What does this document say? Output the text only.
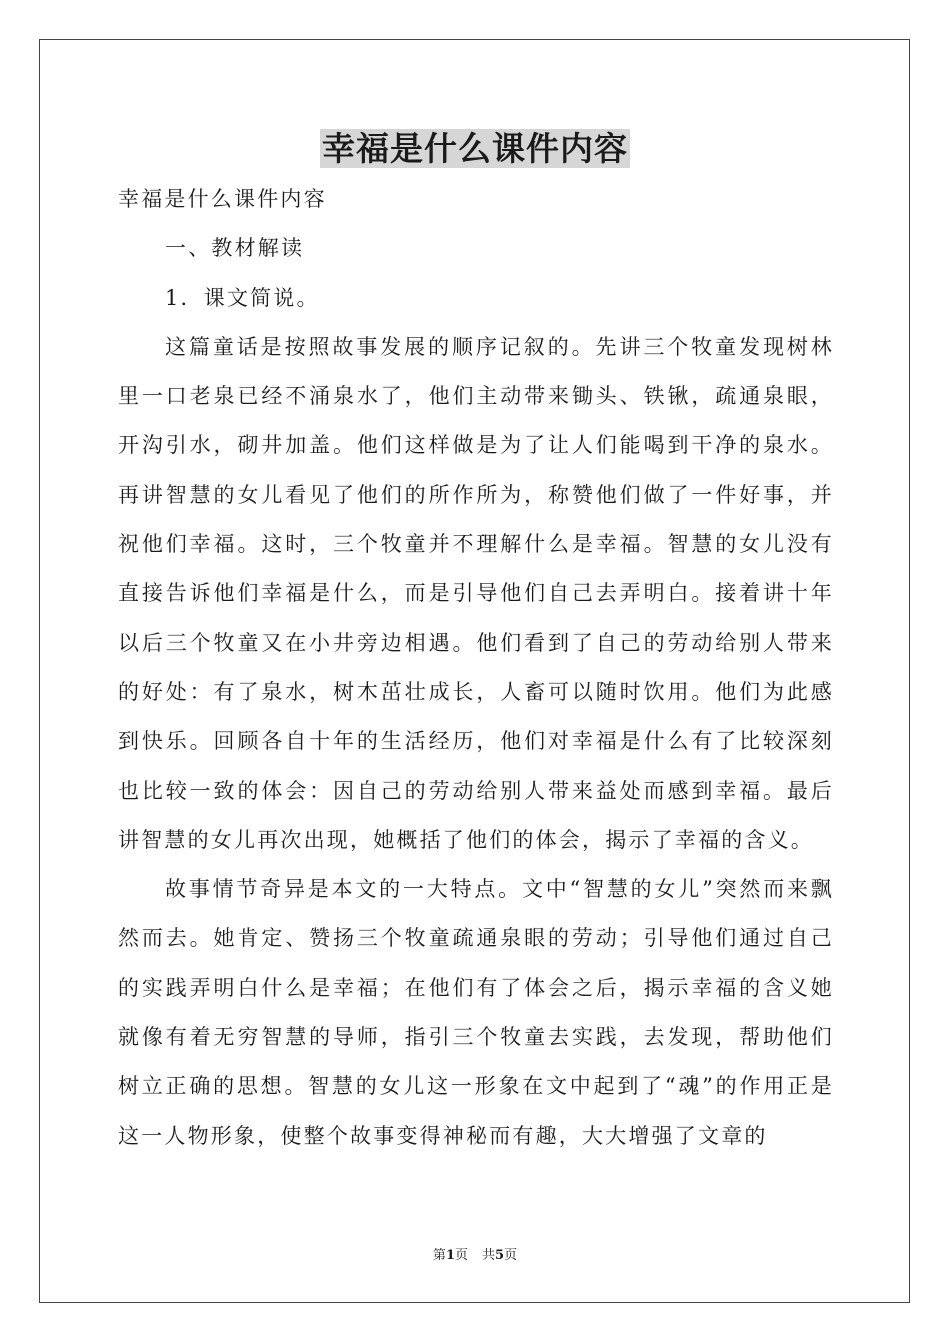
幸福是什么课件内容

幸福是什么课件内容

一、教材解读

1．课文简说。

这篇童话是按照故事发展的顺序记叙的。先讲三个牧童发现树林里一口老泉已经不涌泉水了，他们主动带来锄头、铁锹，疏通泉眼，开沟引水，砌井加盖。他们这样做是为了让人们能喝到干净的泉水。再讲智慧的女儿看见了他们的所作所为，称赞他们做了一件好事，并祝他们幸福。这时，三个牧童并不理解什么是幸福。智慧的女儿没有直接告诉他们幸福是什么，而是引导他们自己去弄明白。接着讲十年以后三个牧童又在小井旁边相遇。他们看到了自己的劳动给别人带来的好处：有了泉水，树木茁壮成长，人畜可以随时饮用。他们为此感到快乐。回顾各自十年的生活经历，他们对幸福是什么有了比较深刻也比较一致的体会：因自己的劳动给别人带来益处而感到幸福。最后讲智慧的女儿再次出现，她概括了他们的体会，揭示了幸福的含义。

故事情节奇异是本文的一大特点。文中“智慧的女儿”突然而来飘然而去。她肯定、赞扬三个牧童疏通泉眼的劳动；引导他们通过自己的实践弄明白什么是幸福；在他们有了体会之后，揭示幸福的含义她就像有着无穷智慧的导师，指引三个牧童去实践，去发现，帮助他们树立正确的思想。智慧的女儿这一形象在文中起到了“魂”的作用正是这一人物形象，使整个故事变得神秘而有趣，大大增强了文章的

第1页 共5页
